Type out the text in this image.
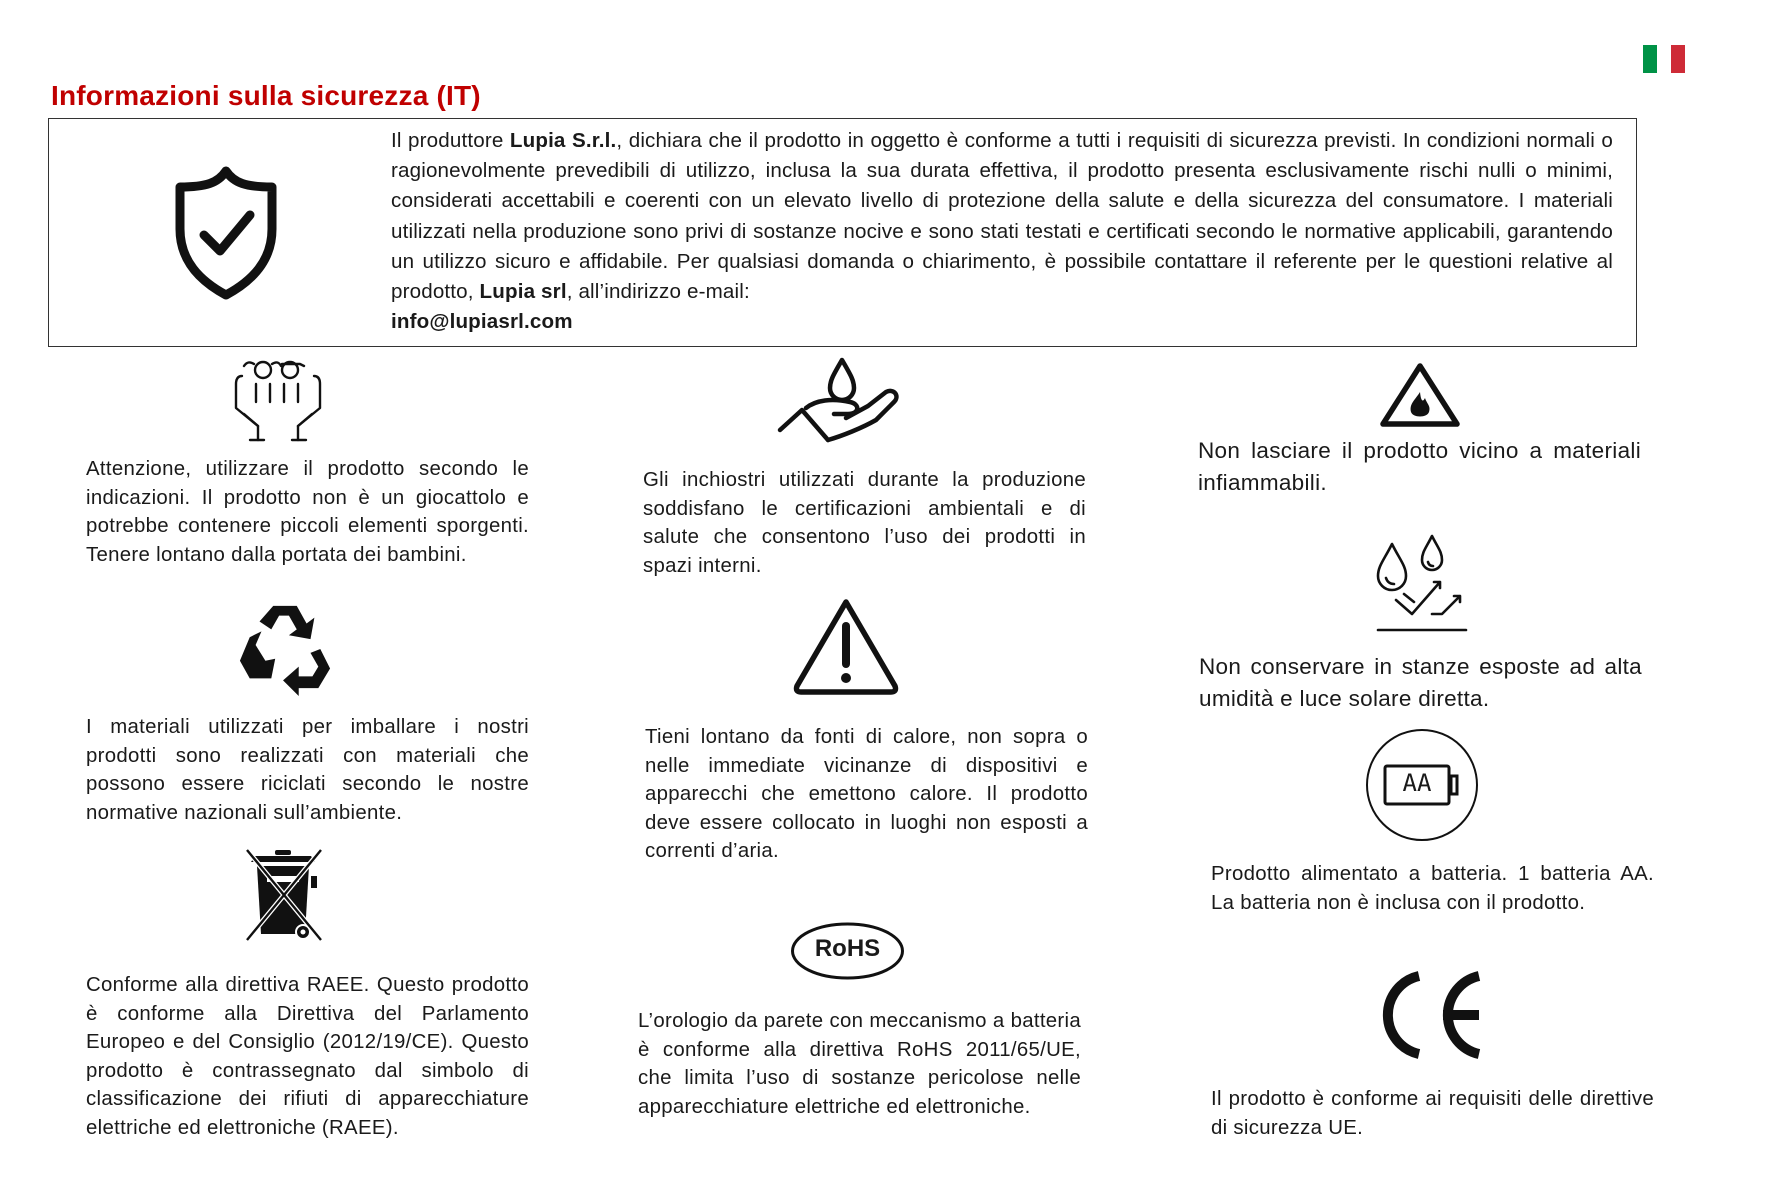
Informazioni sulla sicurezza (IT)
Il produttore Lupia S.r.l., dichiara che il prodotto in oggetto è conforme a tutti i requisiti di sicurezza previsti. In condizioni normali o ragionevolmente prevedibili di utilizzo, inclusa la sua durata effettiva, il prodotto presenta esclusivamente rischi nulli o minimi, considerati accettabili e coerenti con un elevato livello di protezione della salute e della sicurezza del consumatore. I materiali utilizzati nella produzione sono privi di sostanze nocive e sono stati testati e certificati secondo le normative applicabili, garantendo un utilizzo sicuro e affidabile. Per qualsiasi domanda o chiarimento, è possibile contattare il referente per le questioni relative al prodotto, Lupia srl, all’indirizzo e-mail:
info@lupiasrl.com
Attenzione, utilizzare il prodotto secondo le indicazioni. Il prodotto non è un giocattolo e potrebbe contenere piccoli elementi sporgenti. Tenere lontano dalla portata dei bambini.
I materiali utilizzati per imballare i nostri prodotti sono realizzati con materiali che possono essere riciclati secondo le nostre normative nazionali sull’ambiente.
Conforme alla direttiva RAEE. Questo prodotto è conforme alla Direttiva del Parlamento Europeo e del Consiglio (2012/19/CE). Questo prodotto è contrassegnato dal simbolo di classificazione dei rifiuti di apparecchiature elettriche ed elettroniche (RAEE).
Gli inchiostri utilizzati durante la produzione soddisfano le certificazioni ambientali e di salute che consentono l’uso dei prodotti in spazi interni.
Tieni lontano da fonti di calore, non sopra o nelle immediate vicinanze di dispositivi e apparecchi che emettono calore. Il prodotto deve essere collocato in luoghi non esposti a correnti d’aria.
RoHS
L’orologio da parete con meccanismo a batteria è conforme alla direttiva RoHS 2011/65/UE, che limita l’uso di sostanze pericolose nelle apparecchiature elettriche ed elettroniche.
Non lasciare il prodotto vicino a materiali infiammabili.
Non conservare in stanze esposte ad alta umidità e luce solare diretta.
AA
Prodotto alimentato a batteria. 1 batteria AA. La batteria non è inclusa con il prodotto.
Il prodotto è conforme ai requisiti delle direttive di sicurezza UE.
